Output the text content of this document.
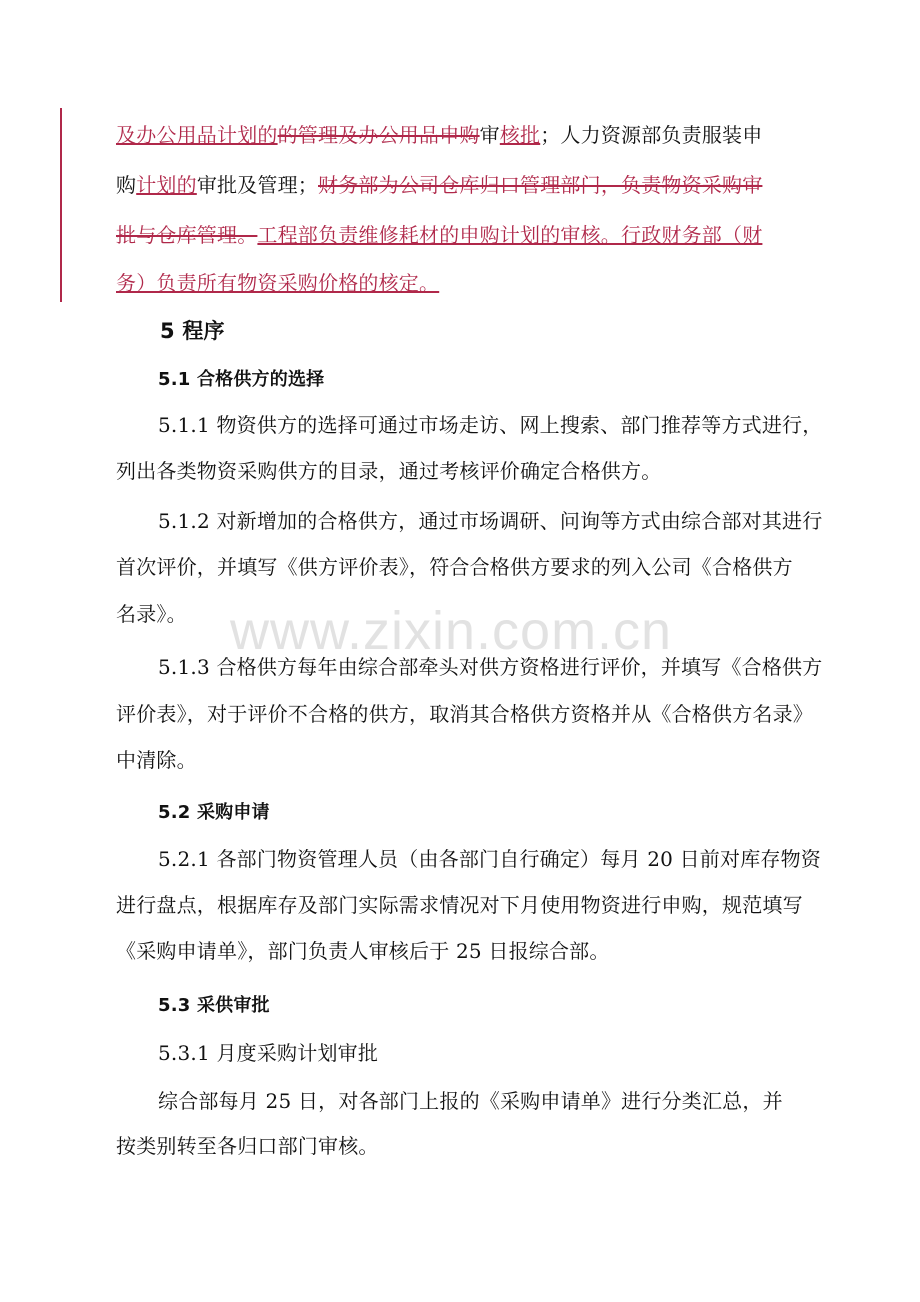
www.zixin.com.cn
及办公用品计划的的管理及办公用品申购审核批；人力资源部负责服装申
购计划的审批及管理；财务部为公司仓库归口管理部门，负责物资采购审
批与仓库管理。工程部负责维修耗材的申购计划的审核。行政财务部（财
务）负责所有物资采购价格的核定。
5 程序
5.1 合格供方的选择
5.1.1 物资供方的选择可通过市场走访、网上搜索、部门推荐等方式进行，
列出各类物资采购供方的目录，通过考核评价确定合格供方。
5.1.2 对新增加的合格供方，通过市场调研、问询等方式由综合部对其进行
首次评价，并填写《供方评价表》，符合合格供方要求的列入公司《合格供方
名录》。
5.1.3 合格供方每年由综合部牵头对供方资格进行评价，并填写《合格供方
评价表》，对于评价不合格的供方，取消其合格供方资格并从《合格供方名录》
中清除。
5.2 采购申请
5.2.1 各部门物资管理人员（由各部门自行确定）每月 20 日前对库存物资
进行盘点，根据库存及部门实际需求情况对下月使用物资进行申购，规范填写
《采购申请单》，部门负责人审核后于 25 日报综合部。
5.3 采供审批
5.3.1 月度采购计划审批
综合部每月 25 日，对各部门上报的《采购申请单》进行分类汇总，并
按类别转至各归口部门审核。
